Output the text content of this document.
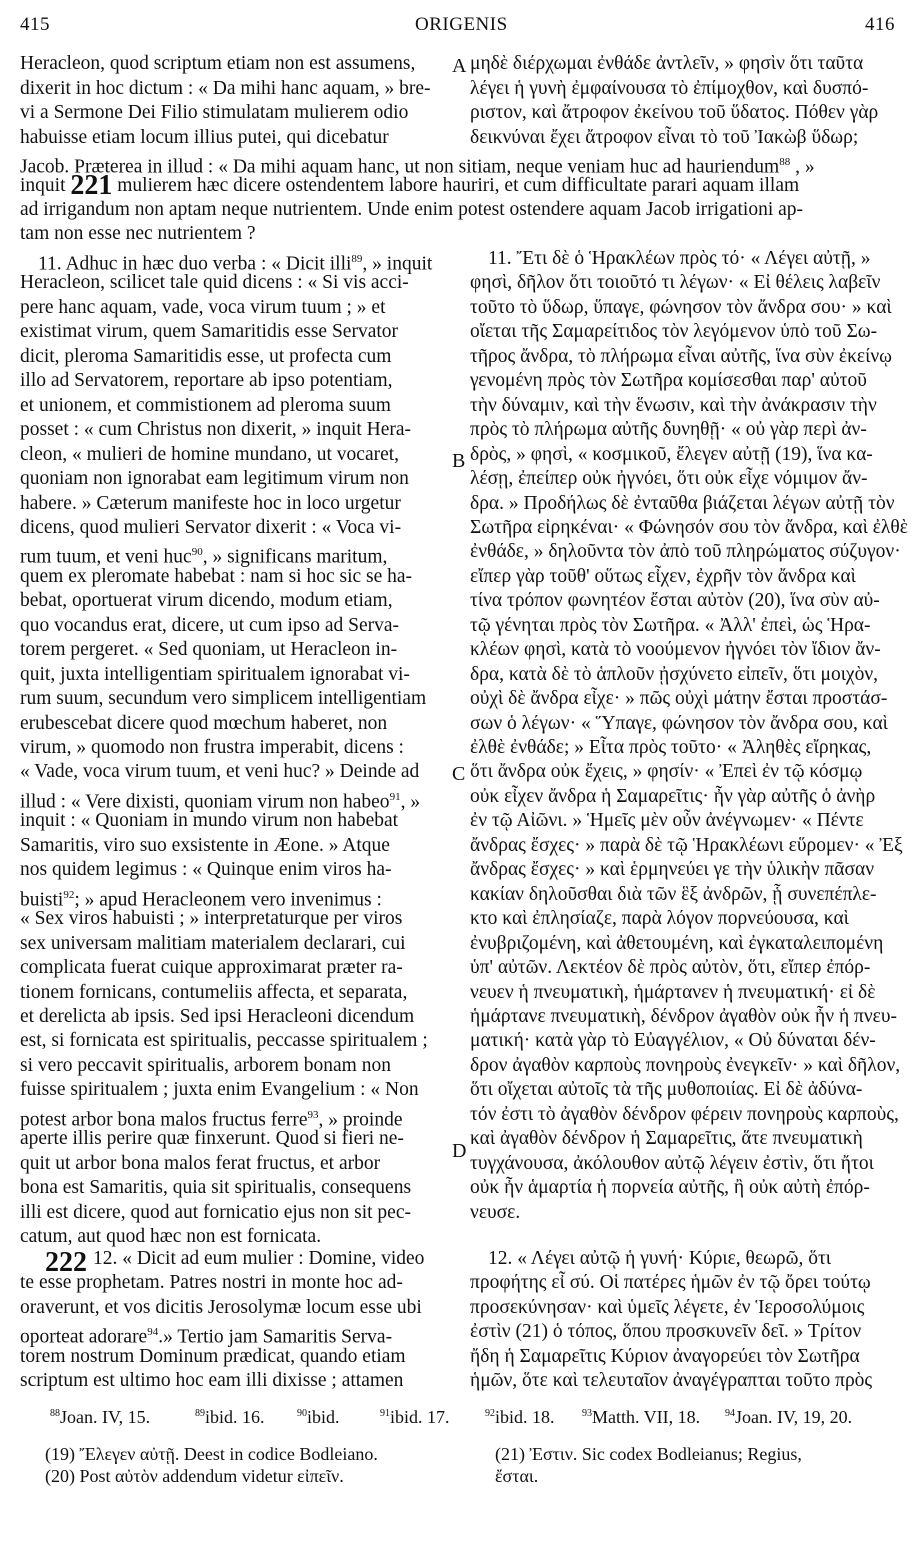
415	ORIGENIS	416
A
B
C
D
Heracleon, quod scriptum etiam non est assumens,
dixerit in hoc dictum : « Da mihi hanc aquam, » bre-
vi a Sermone Dei Filio stimulatam mulierem odio
habuisse etiam locum illius putei, qui dicebatur
μηδὲ διέρχωμαι ἐνθάδε ἀντλεῖν, » φησὶν ὅτι ταῦτα
λέγει ἡ γυνὴ ἐμφαίνουσα τὸ ἐπίμοχθον, καὶ δυσπό-
ριστον, καὶ ἄτροφον ἐκείνου τοῦ ὕδατος. Πόθεν γὰρ
δεικνύναι ἔχει ἄτροφον εἶναι τὸ τοῦ Ἰακὼβ ὕδωρ;
Jacob. Præterea in illud : « Da mihi aquam hanc, ut non sitiam, neque veniam huc ad hauriendum$^{88}$ , »
inquit 221 mulierem hæc dicere ostendentem labore hauriri, et cum difficultate parari aquam illam
ad irrigandum non aptam neque nutrientem. Unde enim potest ostendere aquam Jacob irrigationi ap-
tam non esse nec nutrientem ?
11. Adhuc in hæc duo verba : « Dicit illi$^{89}$, » inquit
Heracleon, scilicet tale quid dicens : « Si vis acci-
pere hanc aquam, vade, voca virum tuum ; » et
existimat virum, quem Samaritidis esse Servator
dicit, pleroma Samaritidis esse, ut profecta cum
illo ad Servatorem, reportare ab ipso potentiam,
et unionem, et commistionem ad pleroma suum
posset : « cum Christus non dixerit, » inquit Hera-
cleon, « mulieri de homine mundano, ut vocaret,
quoniam non ignorabat eam legitimum virum non
habere. » Cæterum manifeste hoc in loco urgetur
dicens, quod mulieri Servator dixerit : « Voca vi-
rum tuum, et veni huc$^{90}$, » significans maritum,
quem ex pleromate habebat : nam si hoc sic se ha-
bebat, oportuerat virum dicendo, modum etiam,
quo vocandus erat, dicere, ut cum ipso ad Serva-
torem pergeret. « Sed quoniam, ut Heracleon in-
quit, juxta intelligentiam spiritualem ignorabat vi-
rum suum, secundum vero simplicem intelligentiam
erubescebat dicere quod mœchum haberet, non
virum, » quomodo non frustra imperabit, dicens :
« Vade, voca virum tuum, et veni huc? » Deinde ad
illud : « Vere dixisti, quoniam virum non habeo$^{91}$, »
inquit : « Quoniam in mundo virum non habebat
Samaritis, viro suo exsistente in Æone. » Atque
nos quidem legimus : « Quinque enim viros ha-
buisti$^{92}$; » apud Heracleonem vero invenimus :
« Sex viros habuisti ; » interpretaturque per viros
sex universam malitiam materialem declarari, cui
complicata fuerat cuique approximarat præter ra-
tionem fornicans, contumeliis affecta, et separata,
et derelicta ab ipsis. Sed ipsi Heracleoni dicendum
est, si fornicata est spiritualis, peccasse spiritualem ;
si vero peccavit spiritualis, arborem bonam non
fuisse spiritualem ; juxta enim Evangelium : « Non
potest arbor bona malos fructus ferre$^{93}$, » proinde
aperte illis perire quæ finxerunt. Quod si fieri ne-
quit ut arbor bona malos ferat fructus, et arbor
bona est Samaritis, quia sit spiritualis, consequens
illi est dicere, quod aut fornicatio ejus non sit pec-
catum, aut quod hæc non est fornicata.
11. Ἔτι δὲ ὁ Ἡρακλέων πρὸς τό· « Λέγει αὐτῇ, »
φησὶ, δῆλον ὅτι τοιοῦτό τι λέγων· « Εἰ θέλεις λαβεῖν
τοῦτο τὸ ὕδωρ, ὕπαγε, φώνησον τὸν ἄνδρα σου· » καὶ
οἴεται τῆς Σαμαρείτιδος τὸν λεγόμενον ὑπὸ τοῦ Σω-
τῆρος ἄνδρα, τὸ πλήρωμα εἶναι αὐτῆς, ἵνα σὺν ἐκείνῳ
γενομένη πρὸς τὸν Σωτῆρα κομίσεσθαι παρ' αὐτοῦ
τὴν δύναμιν, καὶ τὴν ἕνωσιν, καὶ τὴν ἀνάκρασιν τὴν
πρὸς τὸ πλήρωμα αὐτῆς δυνηθῇ· « οὐ γὰρ περὶ ἀν-
δρὸς, » φησὶ, « κοσμικοῦ, ἔλεγεν αὐτῇ (19), ἵνα κα-
λέσῃ, ἐπείπερ οὐκ ἠγνόει, ὅτι οὐκ εἶχε νόμιμον ἄν-
δρα. » Προδήλως δὲ ἐνταῦθα βιάζεται λέγων αὐτῇ τὸν
Σωτῆρα εἰρηκέναι· « Φώνησόν σου τὸν ἄνδρα, καὶ ἐλθὲ
ἐνθάδε, » δηλοῦντα τὸν ἀπὸ τοῦ πληρώματος σύζυγον·
εἴπερ γὰρ τοῦθ' οὕτως εἶχεν, ἐχρῆν τὸν ἄνδρα καὶ
τίνα τρόπον φωνητέον ἔσται αὐτὸν (20), ἵνα σὺν αὐ-
τῷ γένηται πρὸς τὸν Σωτῆρα. « Ἀλλ' ἐπεὶ, ὡς Ἡρα-
κλέων φησὶ, κατὰ τὸ νοούμενον ἠγνόει τὸν ἴδιον ἄν-
δρα, κατὰ δὲ τὸ ἁπλοῦν ᾐσχύνετο εἰπεῖν, ὅτι μοιχὸν,
οὐχὶ δὲ ἄνδρα εἶχε· » πῶς οὐχὶ μάτην ἔσται προστάσ-
σων ὁ λέγων· « Ὕπαγε, φώνησον τὸν ἄνδρα σου, καὶ
ἐλθὲ ἐνθάδε; » Εἶτα πρὸς τοῦτο· « Ἀληθὲς εἴρηκας,
ὅτι ἄνδρα οὐκ ἔχεις, » φησίν· « Ἐπεὶ ἐν τῷ κόσμῳ
οὐκ εἶχεν ἄνδρα ἡ Σαμαρεῖτις· ἦν γὰρ αὐτῆς ὁ ἀνὴρ
ἐν τῷ Αἰῶνι. » Ἡμεῖς μὲν οὖν ἀνέγνωμεν· « Πέντε
ἄνδρας ἔσχες· » παρὰ δὲ τῷ Ἡρακλέωνι εὕρομεν· « Ἐξ
ἄνδρας ἔσχες· » καὶ ἑρμηνεύει γε τὴν ὑλικὴν πᾶσαν
κακίαν δηλοῦσθαι διὰ τῶν ἓξ ἀνδρῶν, ᾗ συνεπέπλε-
κτο καὶ ἐπλησίαζε, παρὰ λόγον πορνεύουσα, καὶ
ἐνυβριζομένη, καὶ ἀθετουμένη, καὶ ἐγκαταλειπομένη
ὑπ' αὐτῶν. Λεκτέον δὲ πρὸς αὐτὸν, ὅτι, εἴπερ ἐπόρ-
νευεν ἡ πνευματικὴ, ἡμάρτανεν ἡ πνευματική· εἰ δὲ
ἡμάρτανε πνευματικὴ, δένδρον ἀγαθὸν οὐκ ἦν ἡ πνευ-
ματική· κατὰ γὰρ τὸ Εὐαγγέλιον, « Οὐ δύναται δέν-
δρον ἀγαθὸν καρποὺς πονηροὺς ἐνεγκεῖν· » καὶ δῆλον,
ὅτι οἴχεται αὐτοῖς τὰ τῆς μυθοποιίας. Εἰ δὲ ἀδύνα-
τόν ἐστι τὸ ἀγαθὸν δένδρον φέρειν πονηροὺς καρποὺς,
καὶ ἀγαθὸν δένδρον ἡ Σαμαρεῖτις, ἅτε πνευματικὴ
τυγχάνουσα, ἀκόλουθον αὐτῷ λέγειν ἐστὶν, ὅτι ἤτοι
οὐκ ἦν ἁμαρτία ἡ πορνεία αὐτῆς, ἢ οὐκ αὐτὴ ἐπόρ-
νευσε.
222 12. « Dicit ad eum mulier : Domine, video
te esse prophetam. Patres nostri in monte hoc ad-
oraverunt, et vos dicitis Jerosolymæ locum esse ubi
oporteat adorare$^{94}$.» Tertio jam Samaritis Serva-
torem nostrum Dominum prædicat, quando etiam
scriptum est ultimo hoc eam illi dixisse ; attamen
12. « Λέγει αὐτῷ ἡ γυνή· Κύριε, θεωρῶ, ὅτι
προφήτης εἶ σύ. Οἱ πατέρες ἡμῶν ἐν τῷ ὄρει τούτῳ
προσεκύνησαν· καὶ ὑμεῖς λέγετε, ἐν Ἱεροσολύμοις
ἐστὶν (21) ὁ τόπος, ὅπου προσκυνεῖν δεῖ. » Τρίτον
ἤδη ἡ Σαμαρεῖτις Κύριον ἀναγορεύει τὸν Σωτῆρα
ἡμῶν, ὅτε καὶ τελευταῖον ἀναγέγραπται τοῦτο πρὸς
$^{88}$Joan. IV, 15.	$^{89}$ibid. 16.	$^{90}$ibid.	$^{91}$ibid. 17.	$^{92}$ibid. 18.	$^{93}$Matth. VII, 18. $^{94}$Joan. IV, 19, 20.
(19) Ἔλεγεν αὐτῇ. Deest in codice Bodleiano.
(20) Post αὐτὸν addendum videtur εἰπεῖν.
(21) Ἐστιν. Sic codex Bodleianus; Regius,
ἔσται.
